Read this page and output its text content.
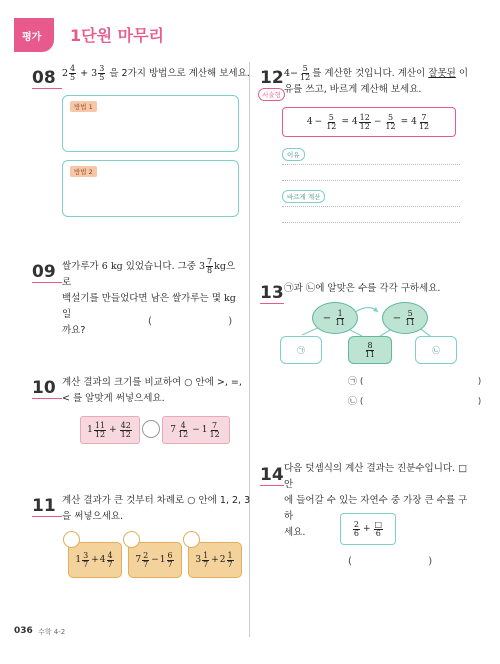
평가 1단원 마무리
08 $2 \frac{4}{5} + 3 \frac{3}{5}$ 을 2가지 방법으로 계산해 보세요.
방법 1
방법 2
09 쌀가루가 6 kg 있었습니다. 그중 $3 \frac{7}{8}$ kg으로
백설기를 만들었다면 남은 쌀가루는 몇 kg일
까요?
(                        )
10 계산 결과의 크기를 비교하여 ○ 안에 >, =,
< 를 알맞게 써넣으세요.
$1 \frac{11}{12} + \frac{42}{12}$	$7 \frac{4}{12} - 1 \frac{7}{12}$
11 계산 결과가 큰 것부터 차례로 ○ 안에 1, 2, 3
을 써넣으세요.
$1 \frac{3}{7} + 4 \frac{4}{7} 7 \frac{2}{7} - 1 \frac{6}{7} 3 \frac{1}{7} + 2 \frac{1}{7}$
12
서술형
$4- \frac{5}{12}$ 를 계산한 것입니다. 계산이 잘못된 이
유를 쓰고, 바르게 계산해 보세요.
$4 - \frac{5}{12} = 4 \frac{12}{12} - \frac{5}{12} = 4 \frac{7}{12}$
이유
바르게 계산
13 ㉠과 ㉡에 알맞은 수를 각각 구하세요.
− $\frac{1}{11}$	− $\frac{5}{11}$
㉠	$\frac{8}{11}$	㉡
㉠ (                                        )
㉡ (                                        )
14 다음 덧셈식의 계산 결과는 진분수입니다. □ 안
에 들어갈 수 있는 자연수 중 가장 큰 수를 구하
세요.	$\frac{2}{6} + \frac{□}{6}$
(                        )
036 수학 4-2
